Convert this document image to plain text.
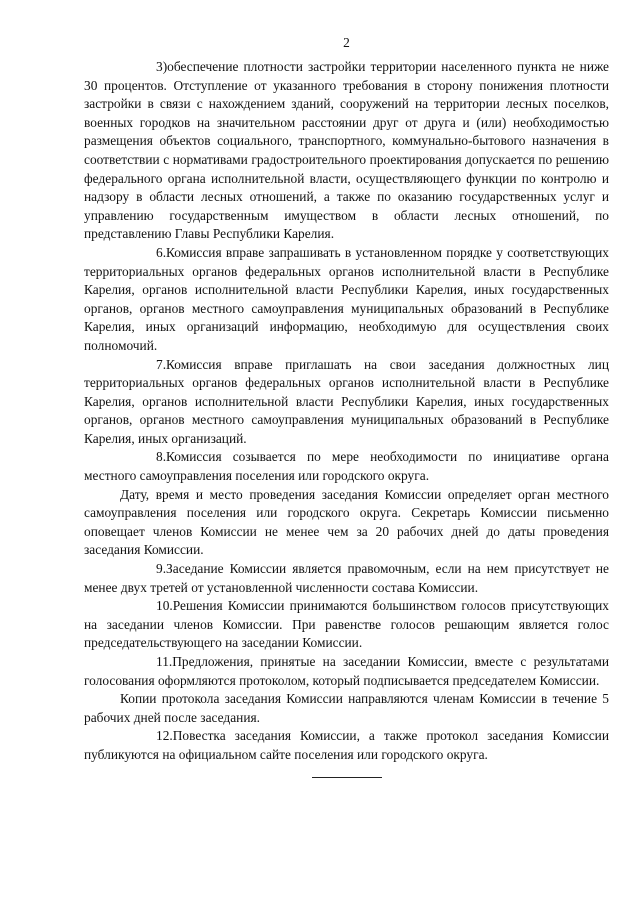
2

3)обеспечение плотности застройки территории населенного пункта не ниже 30 процентов. Отступление от указанного требования в сторону понижения плотности застройки в связи с нахождением зданий, сооружений на территории лесных поселков, военных городков на значительном расстоянии друг от друга и (или) необходимостью размещения объектов социального, транспортного, коммунально-бытового назначения в соответствии с нормативами градостроительного проектирования допускается по решению федерального органа исполнительной власти, осуществляющего функции по контролю и надзору в области лесных отношений, а также по оказанию государственных услуг и управлению государственным имуществом в области лесных отношений, по представлению Главы Республики Карелия.

6.Комиссия вправе запрашивать в установленном порядке у соответствующих территориальных органов федеральных органов исполнительной власти в Республике Карелия, органов исполнительной власти Республики Карелия, иных государственных органов, органов местного самоуправления муниципальных образований в Республике Карелия, иных организаций информацию, необходимую для осуществления своих полномочий.

7.Комиссия вправе приглашать на свои заседания должностных лиц территориальных органов федеральных органов исполнительной власти в Республике Карелия, органов исполнительной власти Республики Карелия, иных государственных органов, органов местного самоуправления муниципальных образований в Республике Карелия, иных организаций.

8.Комиссия созывается по мере необходимости по инициативе органа местного самоуправления поселения или городского округа.

Дату, время и место проведения заседания Комиссии определяет орган местного самоуправления поселения или городского округа. Секретарь Комиссии письменно оповещает членов Комиссии не менее чем за 20 рабочих дней до даты проведения заседания Комиссии.

9.Заседание Комиссии является правомочным, если на нем присутствует не менее двух третей от установленной численности состава Комиссии.

10.Решения Комиссии принимаются большинством голосов присутствующих на заседании членов Комиссии. При равенстве голосов решающим является голос председательствующего на заседании Комиссии.

11.Предложения, принятые на заседании Комиссии, вместе с результатами голосования оформляются протоколом, который подписывается председателем Комиссии.

Копии протокола заседания Комиссии направляются членам Комиссии в течение 5 рабочих дней после заседания.

12.Повестка заседания Комиссии, а также протокол заседания Комиссии публикуются на официальном сайте поселения или городского округа.
